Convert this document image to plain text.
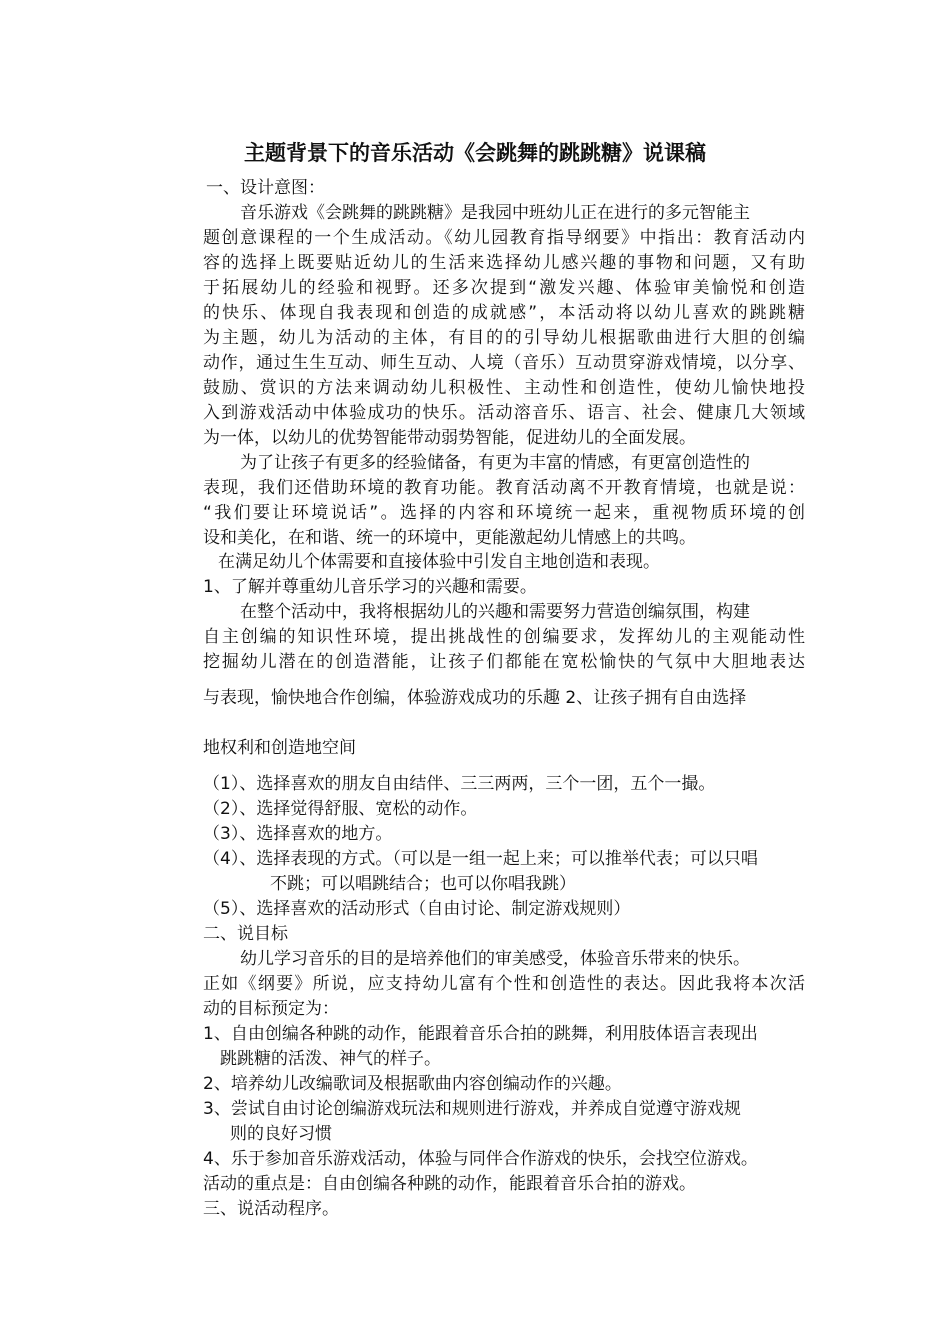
主题背景下的音乐活动《会跳舞的跳跳糖》说课稿
一、设计意图：
音乐游戏《会跳舞的跳跳糖》是我园中班幼儿正在进行的多元智能主
题创意课程的一个生成活动。《幼儿园教育指导纲要》中指出：教育活动内
容的选择上既要贴近幼儿的生活来选择幼儿感兴趣的事物和问题，又有助
于拓展幼儿的经验和视野。还多次提到“激发兴趣、体验审美愉悦和创造
的快乐、体现自我表现和创造的成就感”，本活动将以幼儿喜欢的跳跳糖
为主题，幼儿为活动的主体，有目的的引导幼儿根据歌曲进行大胆的创编
动作，通过生生互动、师生互动、人境（音乐）互动贯穿游戏情境，以分享、
鼓励、赏识的方法来调动幼儿积极性、主动性和创造性，使幼儿愉快地投
入到游戏活动中体验成功的快乐。活动溶音乐、语言、社会、健康几大领域
为一体，以幼儿的优势智能带动弱势智能，促进幼儿的全面发展。
为了让孩子有更多的经验储备，有更为丰富的情感，有更富创造性的
表现，我们还借助环境的教育功能。教育活动离不开教育情境，也就是说：
“我们要让环境说话”。选择的内容和环境统一起来，重视物质环境的创
设和美化，在和谐、统一的环境中，更能激起幼儿情感上的共鸣。
在满足幼儿个体需要和直接体验中引发自主地创造和表现。
1、了解并尊重幼儿音乐学习的兴趣和需要。
在整个活动中，我将根据幼儿的兴趣和需要努力营造创编氛围，构建
自主创编的知识性环境，提出挑战性的创编要求，发挥幼儿的主观能动性
挖掘幼儿潜在的创造潜能，让孩子们都能在宽松愉快的气氛中大胆地表达
与表现，愉快地合作创编，体验游戏成功的乐趣 2、让孩子拥有自由选择
地权利和创造地空间
（1）、选择喜欢的朋友自由结伴、三三两两，三个一团，五个一撮。
（2）、选择觉得舒服、宽松的动作。
（3）、选择喜欢的地方。
（4）、选择表现的方式。（可以是一组一起上来；可以推举代表；可以只唱
不跳；可以唱跳结合；也可以你唱我跳）
（5）、选择喜欢的活动形式（自由讨论、制定游戏规则）
二、说目标
幼儿学习音乐的目的是培养他们的审美感受，体验音乐带来的快乐。
正如《纲要》所说，应支持幼儿富有个性和创造性的表达。因此我将本次活
动的目标预定为：
1、自由创编各种跳的动作，能跟着音乐合拍的跳舞，利用肢体语言表现出
跳跳糖的活泼、神气的样子。
2、培养幼儿改编歌词及根据歌曲内容创编动作的兴趣。
3、尝试自由讨论创编游戏玩法和规则进行游戏，并养成自觉遵守游戏规
则的良好习惯
4、乐于参加音乐游戏活动，体验与同伴合作游戏的快乐，会找空位游戏。
活动的重点是：自由创编各种跳的动作，能跟着音乐合拍的游戏。
三、说活动程序。
